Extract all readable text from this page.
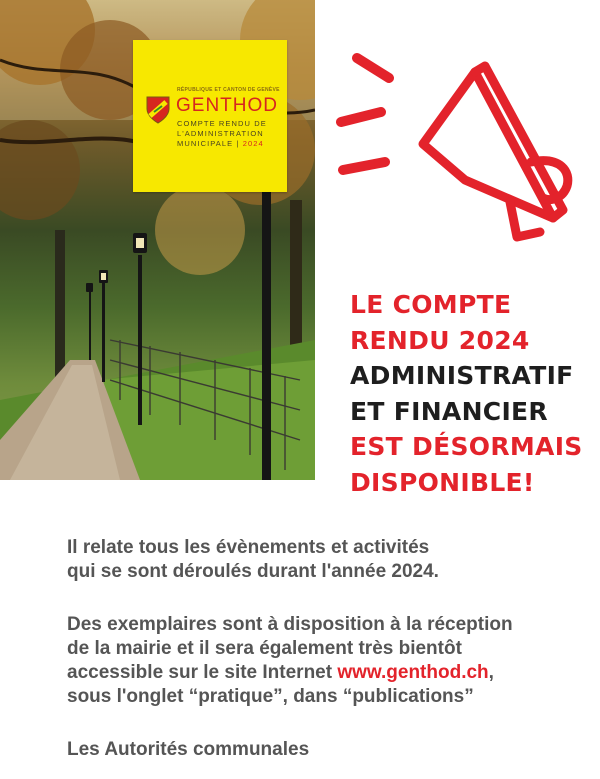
RÉPUBLIQUE ET CANTON DE GENÈVE
GENTHOD
COMPTE RENDU DE
L'ADMINISTRATION
MUNICIPALE | 2024
LE COMPTE
RENDU 2024
ADMINISTRATIF
ET FINANCIER
EST DÉSORMAIS
DISPONIBLE!

Il relate tous les évènements et activités
qui se sont déroulés durant l'année 2024.

Des exemplaires sont à disposition à la réception
de la mairie et il sera également très bientôt
accessible sur le site Internet www.genthod.ch,
sous l'onglet “pratique”, dans “publications”

Les Autorités communales
